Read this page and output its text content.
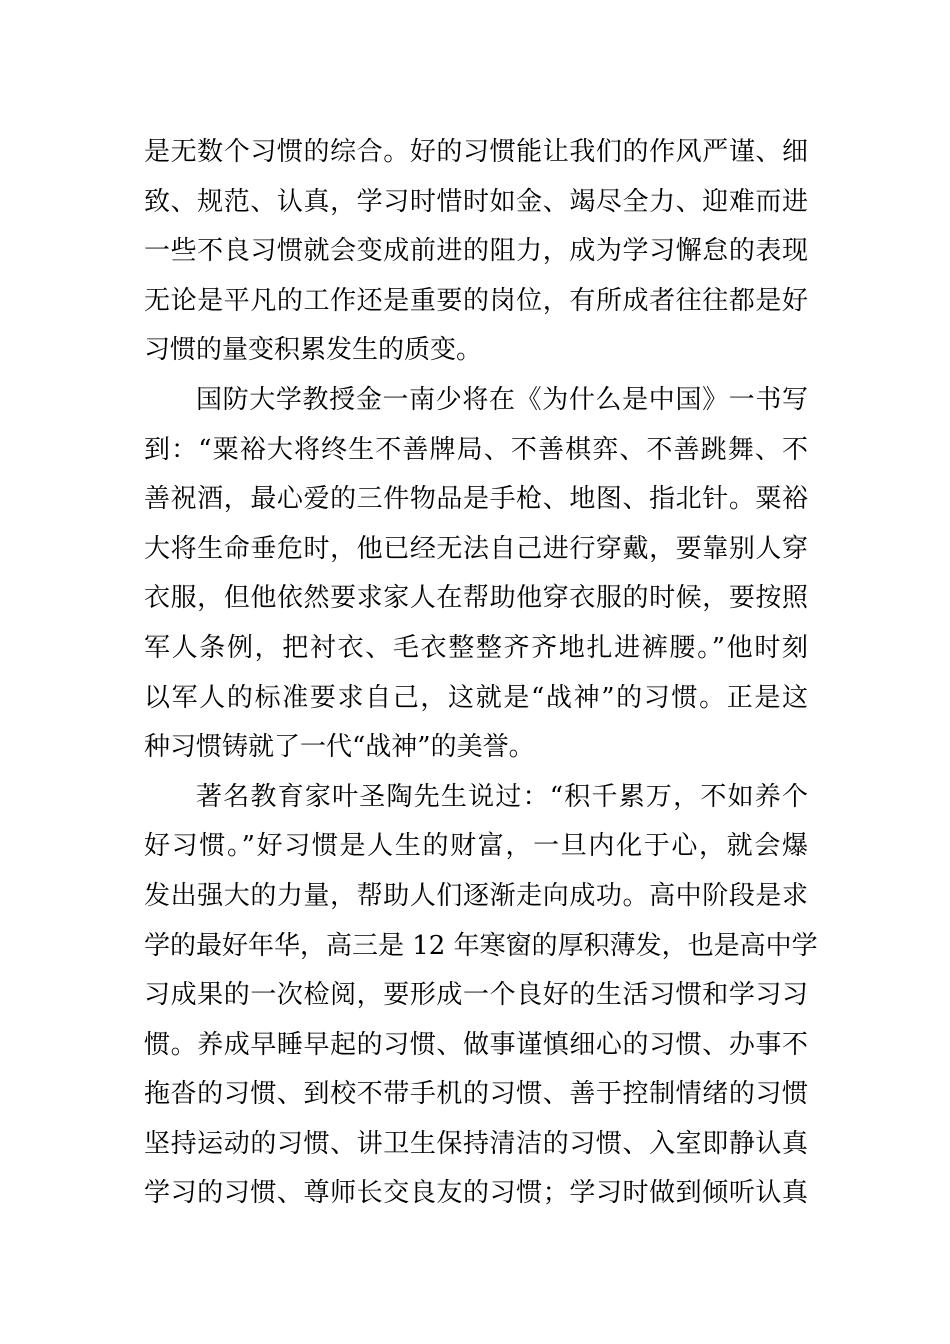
是无数个习惯的综合。好的习惯能让我们的作风严谨、细
致、规范、认真，学习时惜时如金、竭尽全力、迎难而进
一些不良习惯就会变成前进的阻力，成为学习懈怠的表现
无论是平凡的工作还是重要的岗位，有所成者往往都是好
习惯的量变积累发生的质变。
国防大学教授金一南少将在《为什么是中国》一书写
到：“粟裕大将终生不善牌局、不善棋弈、不善跳舞、不
善祝酒，最心爱的三件物品是手枪、地图、指北针。粟裕
大将生命垂危时，他已经无法自己进行穿戴，要靠别人穿
衣服，但他依然要求家人在帮助他穿衣服的时候，要按照
军人条例，把衬衣、毛衣整整齐齐地扎进裤腰。”他时刻
以军人的标准要求自己，这就是“战神”的习惯。正是这
种习惯铸就了一代“战神”的美誉。
著名教育家叶圣陶先生说过：“积千累万，不如养个
好习惯。”好习惯是人生的财富，一旦内化于心，就会爆
发出强大的力量，帮助人们逐渐走向成功。高中阶段是求
学的最好年华，高三是 12 年寒窗的厚积薄发，也是高中学
习成果的一次检阅，要形成一个良好的生活习惯和学习习
惯。养成早睡早起的习惯、做事谨慎细心的习惯、办事不
拖沓的习惯、到校不带手机的习惯、善于控制情绪的习惯
坚持运动的习惯、讲卫生保持清洁的习惯、入室即静认真
学习的习惯、尊师长交良友的习惯；学习时做到倾听认真
